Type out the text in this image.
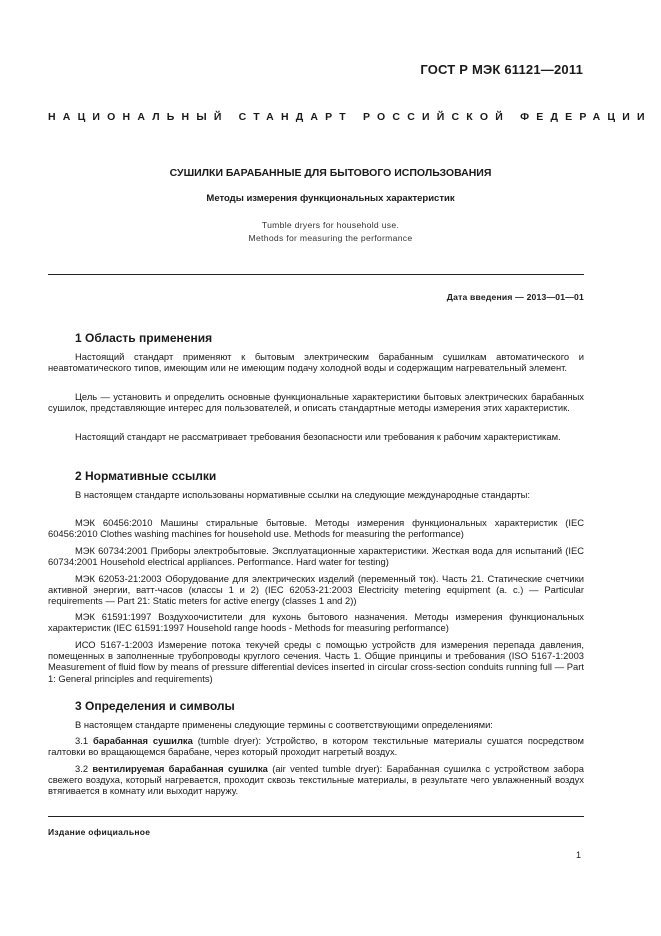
ГОСТ Р МЭК 61121—2011
НАЦИОНАЛЬНЫЙ СТАНДАРТ РОССИЙСКОЙ ФЕДЕРАЦИИ
СУШИЛКИ БАРАБАННЫЕ ДЛЯ БЫТОВОГО ИСПОЛЬЗОВАНИЯ
Методы измерения функциональных характеристик
Tumble dryers for household use.
Methods for measuring the performance
Дата введения — 2013—01—01
1 Область применения
Настоящий стандарт применяют к бытовым электрическим барабанным сушилкам автоматического и неавтоматического типов, имеющим или не имеющим подачу холодной воды и содержащим нагревательный элемент.
Цель — установить и определить основные функциональные характеристики бытовых электрических барабанных сушилок, представляющие интерес для пользователей, и описать стандартные методы измерения этих характеристик.
Настоящий стандарт не рассматривает требования безопасности или требования к рабочим характеристикам.
2 Нормативные ссылки
В настоящем стандарте использованы нормативные ссылки на следующие международные стандарты:
МЭК 60456:2010 Машины стиральные бытовые. Методы измерения функциональных характеристик (IEC 60456:2010 Clothes washing machines for household use. Methods for measuring the performance)
МЭК 60734:2001 Приборы электробытовые. Эксплуатационные характеристики. Жесткая вода для испытаний (IEC 60734:2001 Household electrical appliances. Performance. Hard water for testing)
МЭК 62053-21:2003 Оборудование для электрических изделий (переменный ток). Часть 21. Статические счетчики активной энергии, ватт-часов (классы 1 и 2) (IEC 62053-21:2003 Electricity metering equipment (a. c.) — Particular requirements — Part 21: Static meters for active energy (classes 1 and 2))
МЭК 61591:1997 Воздухоочистители для кухонь бытового назначения. Методы измерения функциональных характеристик (IEC 61591:1997 Household range hoods - Methods for measuring performance)
ИСО 5167-1:2003 Измерение потока текучей среды с помощью устройств для измерения перепада давления, помещенных в заполненные трубопроводы круглого сечения. Часть 1. Общие принципы и требования (ISO 5167-1:2003 Measurement of fluid flow by means of pressure differential devices inserted in circular cross-section conduits running full — Part 1: General principles and requirements)
3 Определения и символы
В настоящем стандарте применены следующие термины с соответствующими определениями:
3.1 барабанная сушилка (tumble dryer): Устройство, в котором текстильные материалы сушатся посредством галтовки во вращающемся барабане, через который проходит нагретый воздух.
3.2 вентилируемая барабанная сушилка (air vented tumble dryer): Барабанная сушилка с устройством забора свежего воздуха, который нагревается, проходит сквозь текстильные материалы, в результате чего увлажненный воздух втягивается в комнату или выходит наружу.
Издание официальное
1
